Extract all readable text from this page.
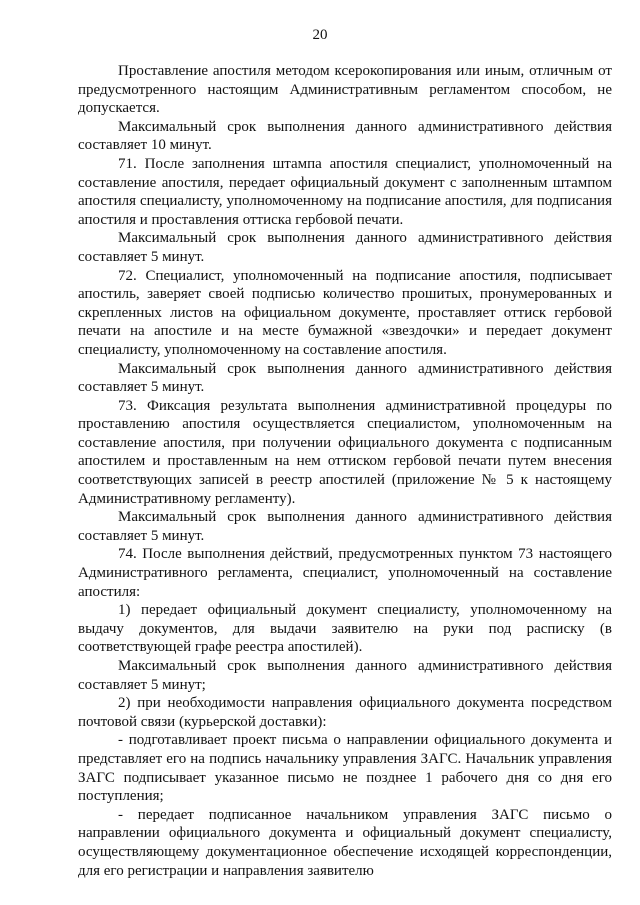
20

Проставление апостиля методом ксерокопирования или иным, отличным от предусмотренного настоящим Административным регламентом способом, не допускается.

Максимальный срок выполнения данного административного действия составляет 10 минут.

71. После заполнения штампа апостиля специалист, уполномоченный на составление апостиля, передает официальный документ с заполненным штампом апостиля специалисту, уполномоченному на подписание апостиля, для подписания апостиля и проставления оттиска гербовой печати.

Максимальный срок выполнения данного административного действия составляет 5 минут.

72. Специалист, уполномоченный на подписание апостиля, подписывает апостиль, заверяет своей подписью количество прошитых, пронумерованных и скрепленных листов на официальном документе, проставляет оттиск гербовой печати на апостиле и на месте бумажной «звездочки» и передает документ специалисту, уполномоченному на составление апостиля.

Максимальный срок выполнения данного административного действия составляет 5 минут.

73. Фиксация результата выполнения административной процедуры по проставлению апостиля осуществляется специалистом, уполномоченным на составление апостиля, при получении официального документа с подписанным апостилем и проставленным на нем оттиском гербовой печати путем внесения соответствующих записей в реестр апостилей (приложение № 5 к настоящему Административному регламенту).

Максимальный срок выполнения данного административного действия составляет 5 минут.

74. После выполнения действий, предусмотренных пунктом 73 настоящего Административного регламента, специалист, уполномоченный на составление апостиля:

1) передает официальный документ специалисту, уполномоченному на выдачу документов, для выдачи заявителю на руки под расписку (в соответствующей графе реестра апостилей).

Максимальный срок выполнения данного административного действия составляет 5 минут;

2) при необходимости направления официального документа посредством почтовой связи (курьерской доставки):

- подготавливает проект письма о направлении официального документа и представляет его на подпись начальнику управления ЗАГС. Начальник управления ЗАГС подписывает указанное письмо не позднее 1 рабочего дня со дня его поступления;

- передает подписанное начальником управления ЗАГС письмо о направлении официального документа и официальный документ специалисту, осуществляющему документационное обеспечение исходящей корреспонденции, для его регистрации и направления заявителю
